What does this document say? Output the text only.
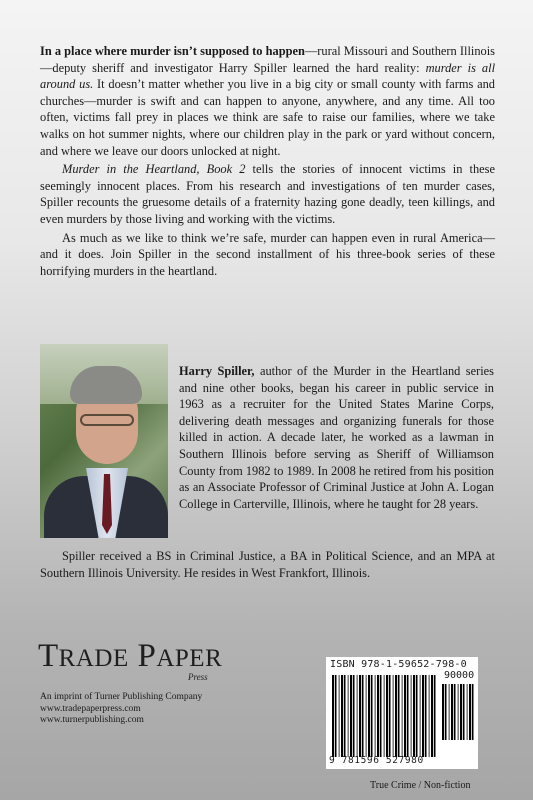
In a place where murder isn’t supposed to happen—rural Missouri and Southern Illinois—deputy sheriff and investigator Harry Spiller learned the hard reality: murder is all around us. It doesn’t matter whether you live in a big city or small county with farms and churches—murder is swift and can happen to anyone, anywhere, and any time. All too often, victims fall prey in places we think are safe to raise our families, where we take walks on hot summer nights, where our children play in the park or yard without concern, and where we leave our doors unlocked at night.

Murder in the Heartland, Book 2 tells the stories of innocent victims in these seemingly innocent places. From his research and investigations of ten murder cases, Spiller recounts the gruesome details of a fraternity hazing gone deadly, teen killings, and even murders by those living and working with the victims.

As much as we like to think we’re safe, murder can happen even in rural America—and it does. Join Spiller in the second installment of his three-book series of these horrifying murders in the heartland.

Harry Spiller, author of the Murder in the Heartland series and nine other books, began his career in public service in 1963 as a recruiter for the United States Marine Corps, delivering death messages and organizing funerals for those killed in action. A decade later, he worked as a lawman in Southern Illinois before serving as Sheriff of Williamson County from 1982 to 1989. In 2008 he retired from his position as an Associate Professor of Criminal Justice at John A. Logan College in Carterville, Illinois, where he taught for 28 years.
Spiller received a BS in Criminal Justice, a BA in Political Science, and an MPA at Southern Illinois University. He resides in West Frankfort, Illinois.
TRADE PAPER
Press
An imprint of Turner Publishing Company
www.tradepaperpress.com
www.turnerpublishing.com
ISBN 978-1-59652-798-0
90000
9 781596 527980
True Crime / Non-fiction
